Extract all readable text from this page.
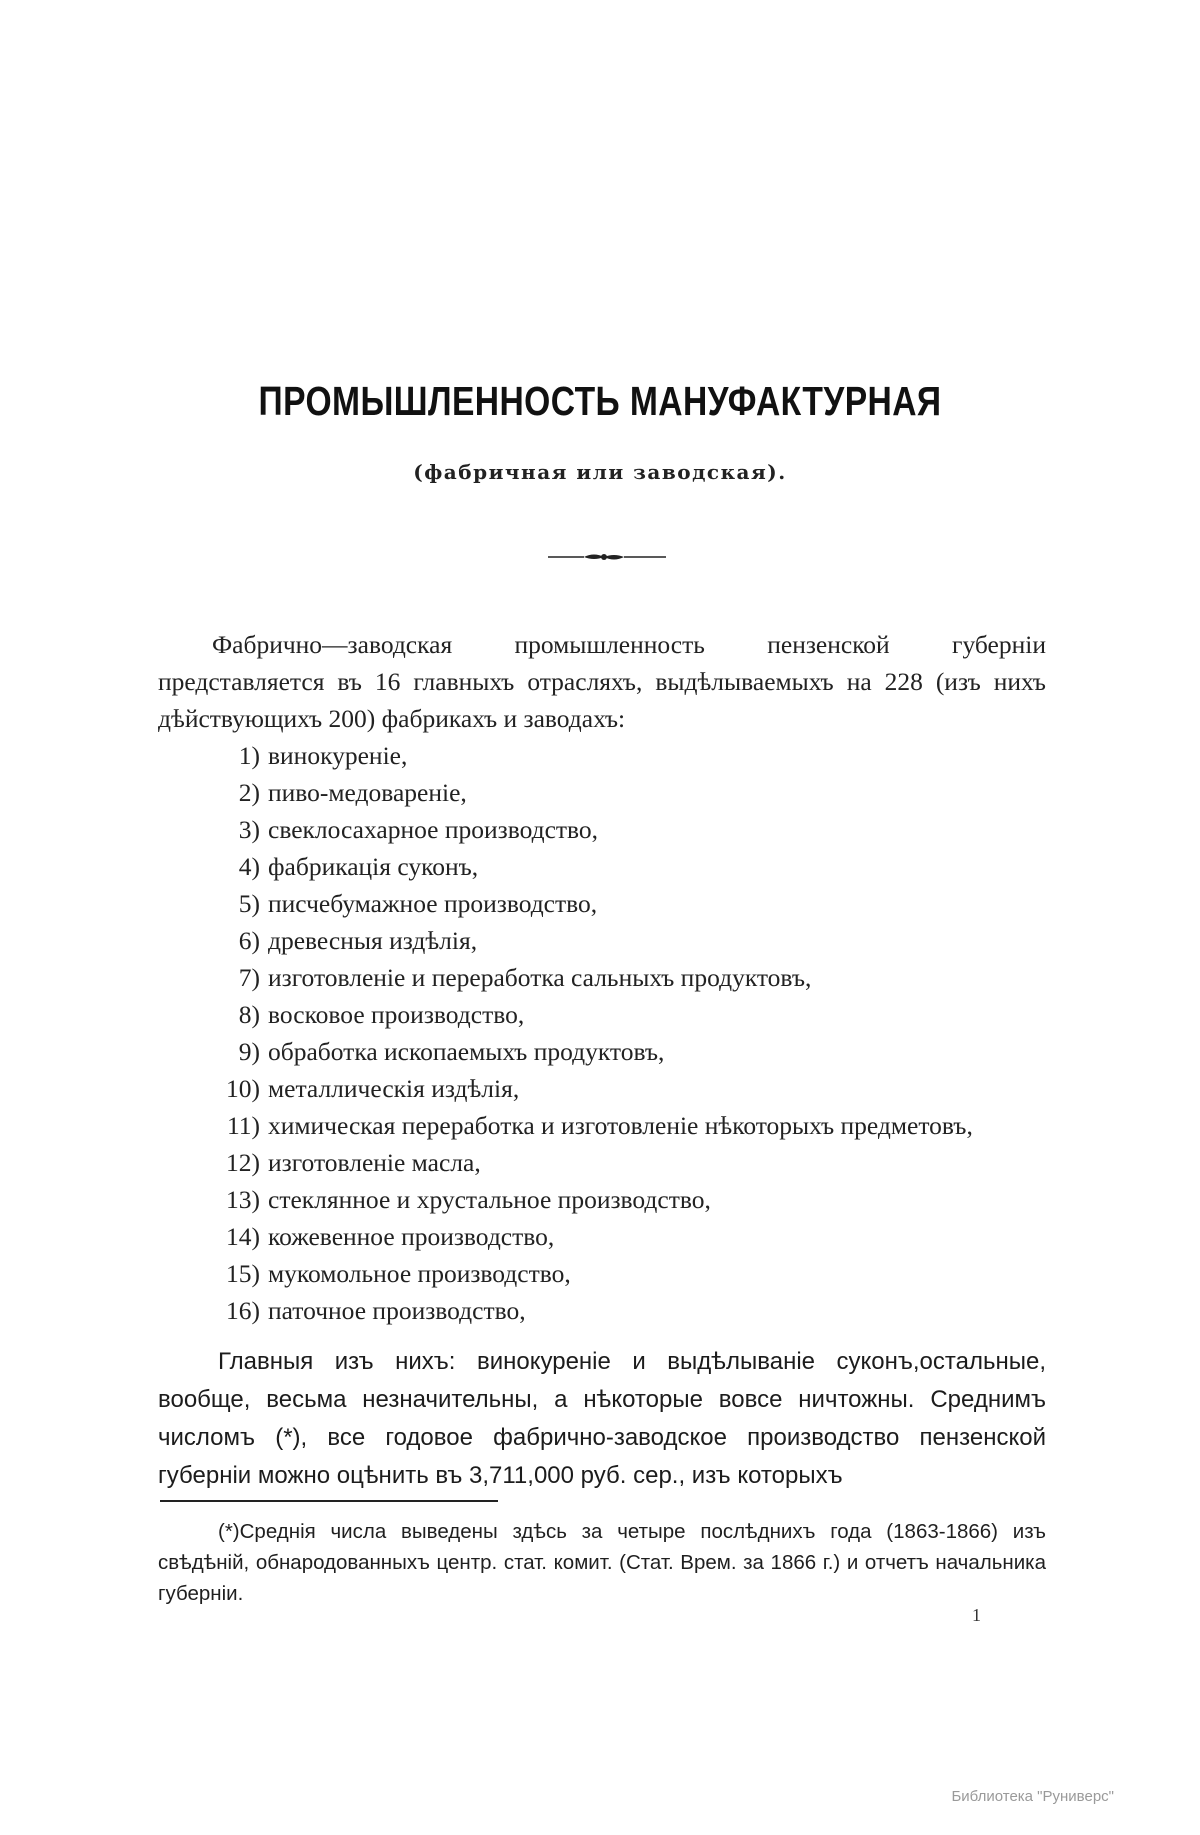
ПРОМЫШЛЕННОСТЬ МАНУФАКТУРНАЯ
(фабричная или заводская).

Фабрично—заводская промышленность пензенской губерніи представляется въ 16 главныхъ отрасляхъ, выдѣлываемыхъ на 228 (изъ нихъ дѣйствующихъ 200) фабрикахъ и заводахъ:

1) винокуреніе,
2) пиво-медовареніе,
3) свеклосахарное производство,
4) фабрикація суконъ,
5) писчебумажное производство,
6) древесныя издѣлія,
7) изготовленіе и переработка сальныхъ продуктовъ,
8) восковое производство,
9) обработка ископаемыхъ продуктовъ,
10) металлическія издѣлія,
11) химическая переработка и изготовленіе нѣкоторыхъ предметовъ,
12) изготовленіе масла,
13) стеклянное и хрустальное производство,
14) кожевенное производство,
15) мукомольное производство,
16) паточное производство,

Главныя изъ нихъ: винокуреніе и выдѣлываніе суконъ,остальные, вообще, весьма незначительны, а нѣкоторые вовсе ничтожны. Среднимъ числомъ (*), все годовое фабрично-заводское производство пензенской губерніи можно оцѣнить въ 3,711,000 руб. сер., изъ которыхъ

(*)Среднія числа выведены здѣсь за четыре послѣднихъ года (1863-1866) изъ свѣдѣній, обнародованныхъ центр. стат. комит. (Стат. Врем. за 1866 г.) и отчетъ начальника губерніи.
1
Библиотека "Руниверс"
